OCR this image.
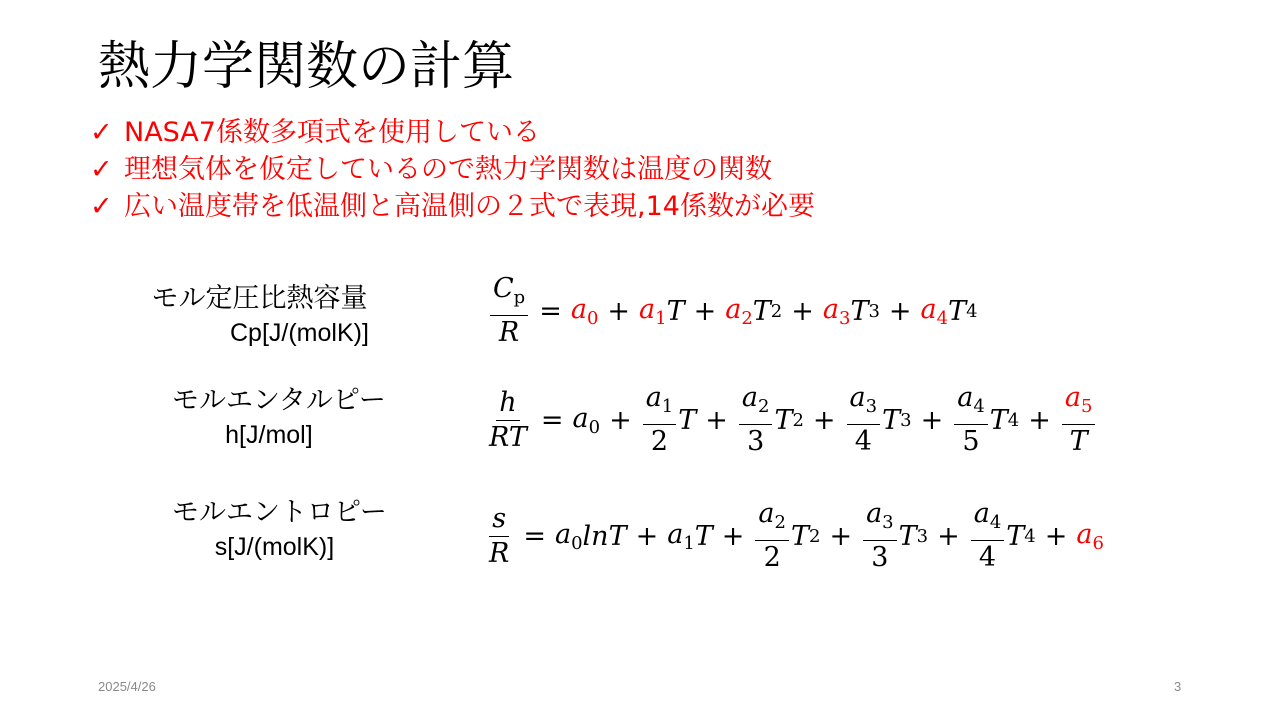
熱力学関数の計算
✓ NASA7係数多項式を使用している
✓ 理想気体を仮定しているので熱力学関数は温度の関数
✓ 広い温度帯を低温側と高温側の２式で表現,14係数が必要
モル定圧比熱容量
Cp[J/(molK)]	$\frac{C_p}{R} = a_0 + a_1$ $T + a_2$ T $2 + a_3$ T $3 + a_4$ T 4
モルエンタルピー
h[J/mol]	$\frac{h}{RT} = a_0 + \frac{a_1}{2}$ $T + \frac{a_2}{3}$ T $2 + \frac{a_3}{4}$ T $3 + \frac{a_4}{5}$ T $4 + \frac{a_5}{T}$
モルエントロピー
s[J/(molK)]	$\frac{s}{R} = a_0$ $\ln T + a_1$ $T + \frac{a_2}{2}$ T $2 + \frac{a_3}{3}$ T $3 + \frac{a_4}{4}$ T $4 + a_6$
2025/4/26	3
